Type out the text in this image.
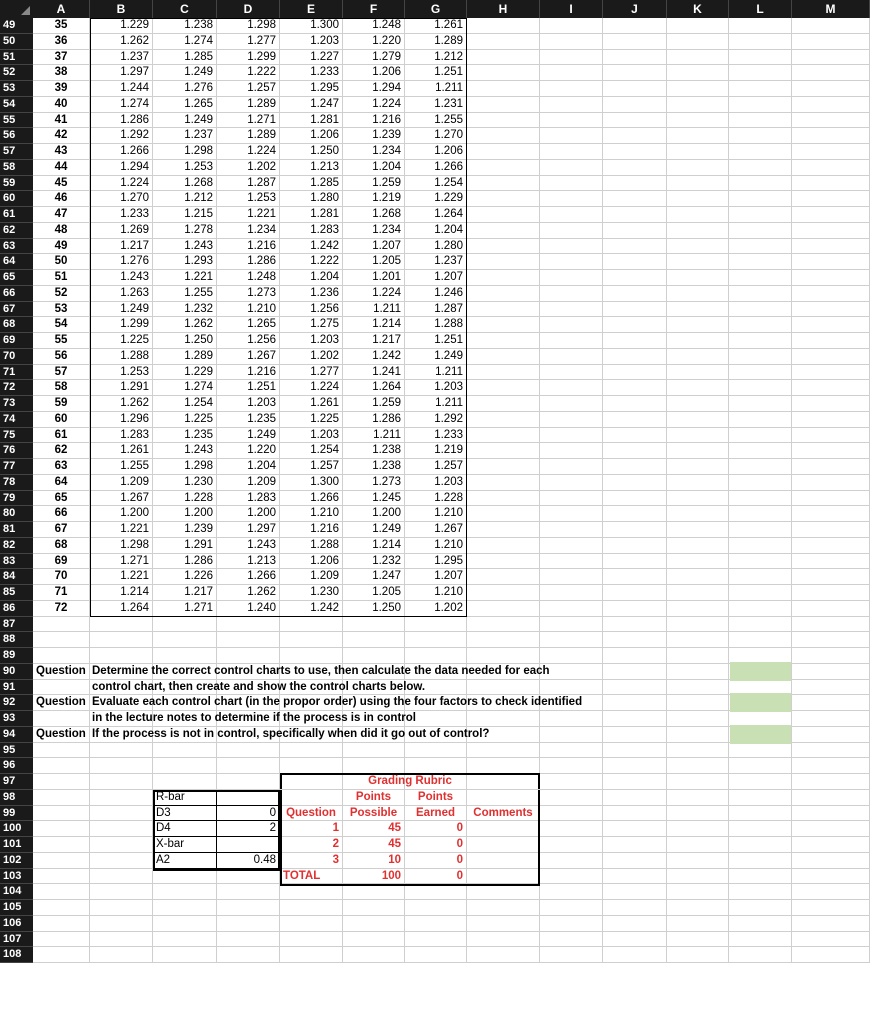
A	B	C	D	E	F	G	H	I	J	K	L	M
49
50
51
52
53
54
55
56
57
58
59
60
61
62
63
64
65
66
67
68
69
70
71
72
73
74
75
76
77
78
79
80
81
82
83
84
85
86
87
88
89
90
91
92
93
94
95
96
97
98
99
100
101
102
103
104
105
106
107
108
35	1.229	1.238	1.298	1.300	1.248	1.261
36	1.262	1.274	1.277	1.203	1.220	1.289
37	1.237	1.285	1.299	1.227	1.279	1.212
38	1.297	1.249	1.222	1.233	1.206	1.251
39	1.244	1.276	1.257	1.295	1.294	1.211
40	1.274	1.265	1.289	1.247	1.224	1.231
41	1.286	1.249	1.271	1.281	1.216	1.255
42	1.292	1.237	1.289	1.206	1.239	1.270
43	1.266	1.298	1.224	1.250	1.234	1.206
44	1.294	1.253	1.202	1.213	1.204	1.266
45	1.224	1.268	1.287	1.285	1.259	1.254
46	1.270	1.212	1.253	1.280	1.219	1.229
47	1.233	1.215	1.221	1.281	1.268	1.264
48	1.269	1.278	1.234	1.283	1.234	1.204
49	1.217	1.243	1.216	1.242	1.207	1.280
50	1.276	1.293	1.286	1.222	1.205	1.237
51	1.243	1.221	1.248	1.204	1.201	1.207
52	1.263	1.255	1.273	1.236	1.224	1.246
53	1.249	1.232	1.210	1.256	1.211	1.287
54	1.299	1.262	1.265	1.275	1.214	1.288
55	1.225	1.250	1.256	1.203	1.217	1.251
56	1.288	1.289	1.267	1.202	1.242	1.249
57	1.253	1.229	1.216	1.277	1.241	1.211
58	1.291	1.274	1.251	1.224	1.264	1.203
59	1.262	1.254	1.203	1.261	1.259	1.211
60	1.296	1.225	1.235	1.225	1.286	1.292
61	1.283	1.235	1.249	1.203	1.211	1.233
62	1.261	1.243	1.220	1.254	1.238	1.219
63	1.255	1.298	1.204	1.257	1.238	1.257
64	1.209	1.230	1.209	1.300	1.273	1.203
65	1.267	1.228	1.283	1.266	1.245	1.228
66	1.200	1.200	1.200	1.210	1.200	1.210
67	1.221	1.239	1.297	1.216	1.249	1.267
68	1.298	1.291	1.243	1.288	1.214	1.210
69	1.271	1.286	1.213	1.206	1.232	1.295
70	1.221	1.226	1.266	1.209	1.247	1.207
71	1.214	1.217	1.262	1.230	1.205	1.210
72	1.264	1.271	1.240	1.242	1.250	1.202
Question Determine the correct control charts to use, then calculate the data needed for each
control chart, then create and show the control charts below.
Question Evaluate each control chart (in the propor order) using the four factors to check identified
in the lecture notes to determine if the process is in control
Question If the process is not in control, specifically when did it go out of control?
R-bar
D3	0
D4	2
X-bar
A2	0.48
Grading Rubric
Points	Points
Question	Possible	Earned	Comments
1	45	0
2	45	0
3	10	0
TOTAL	100	0
